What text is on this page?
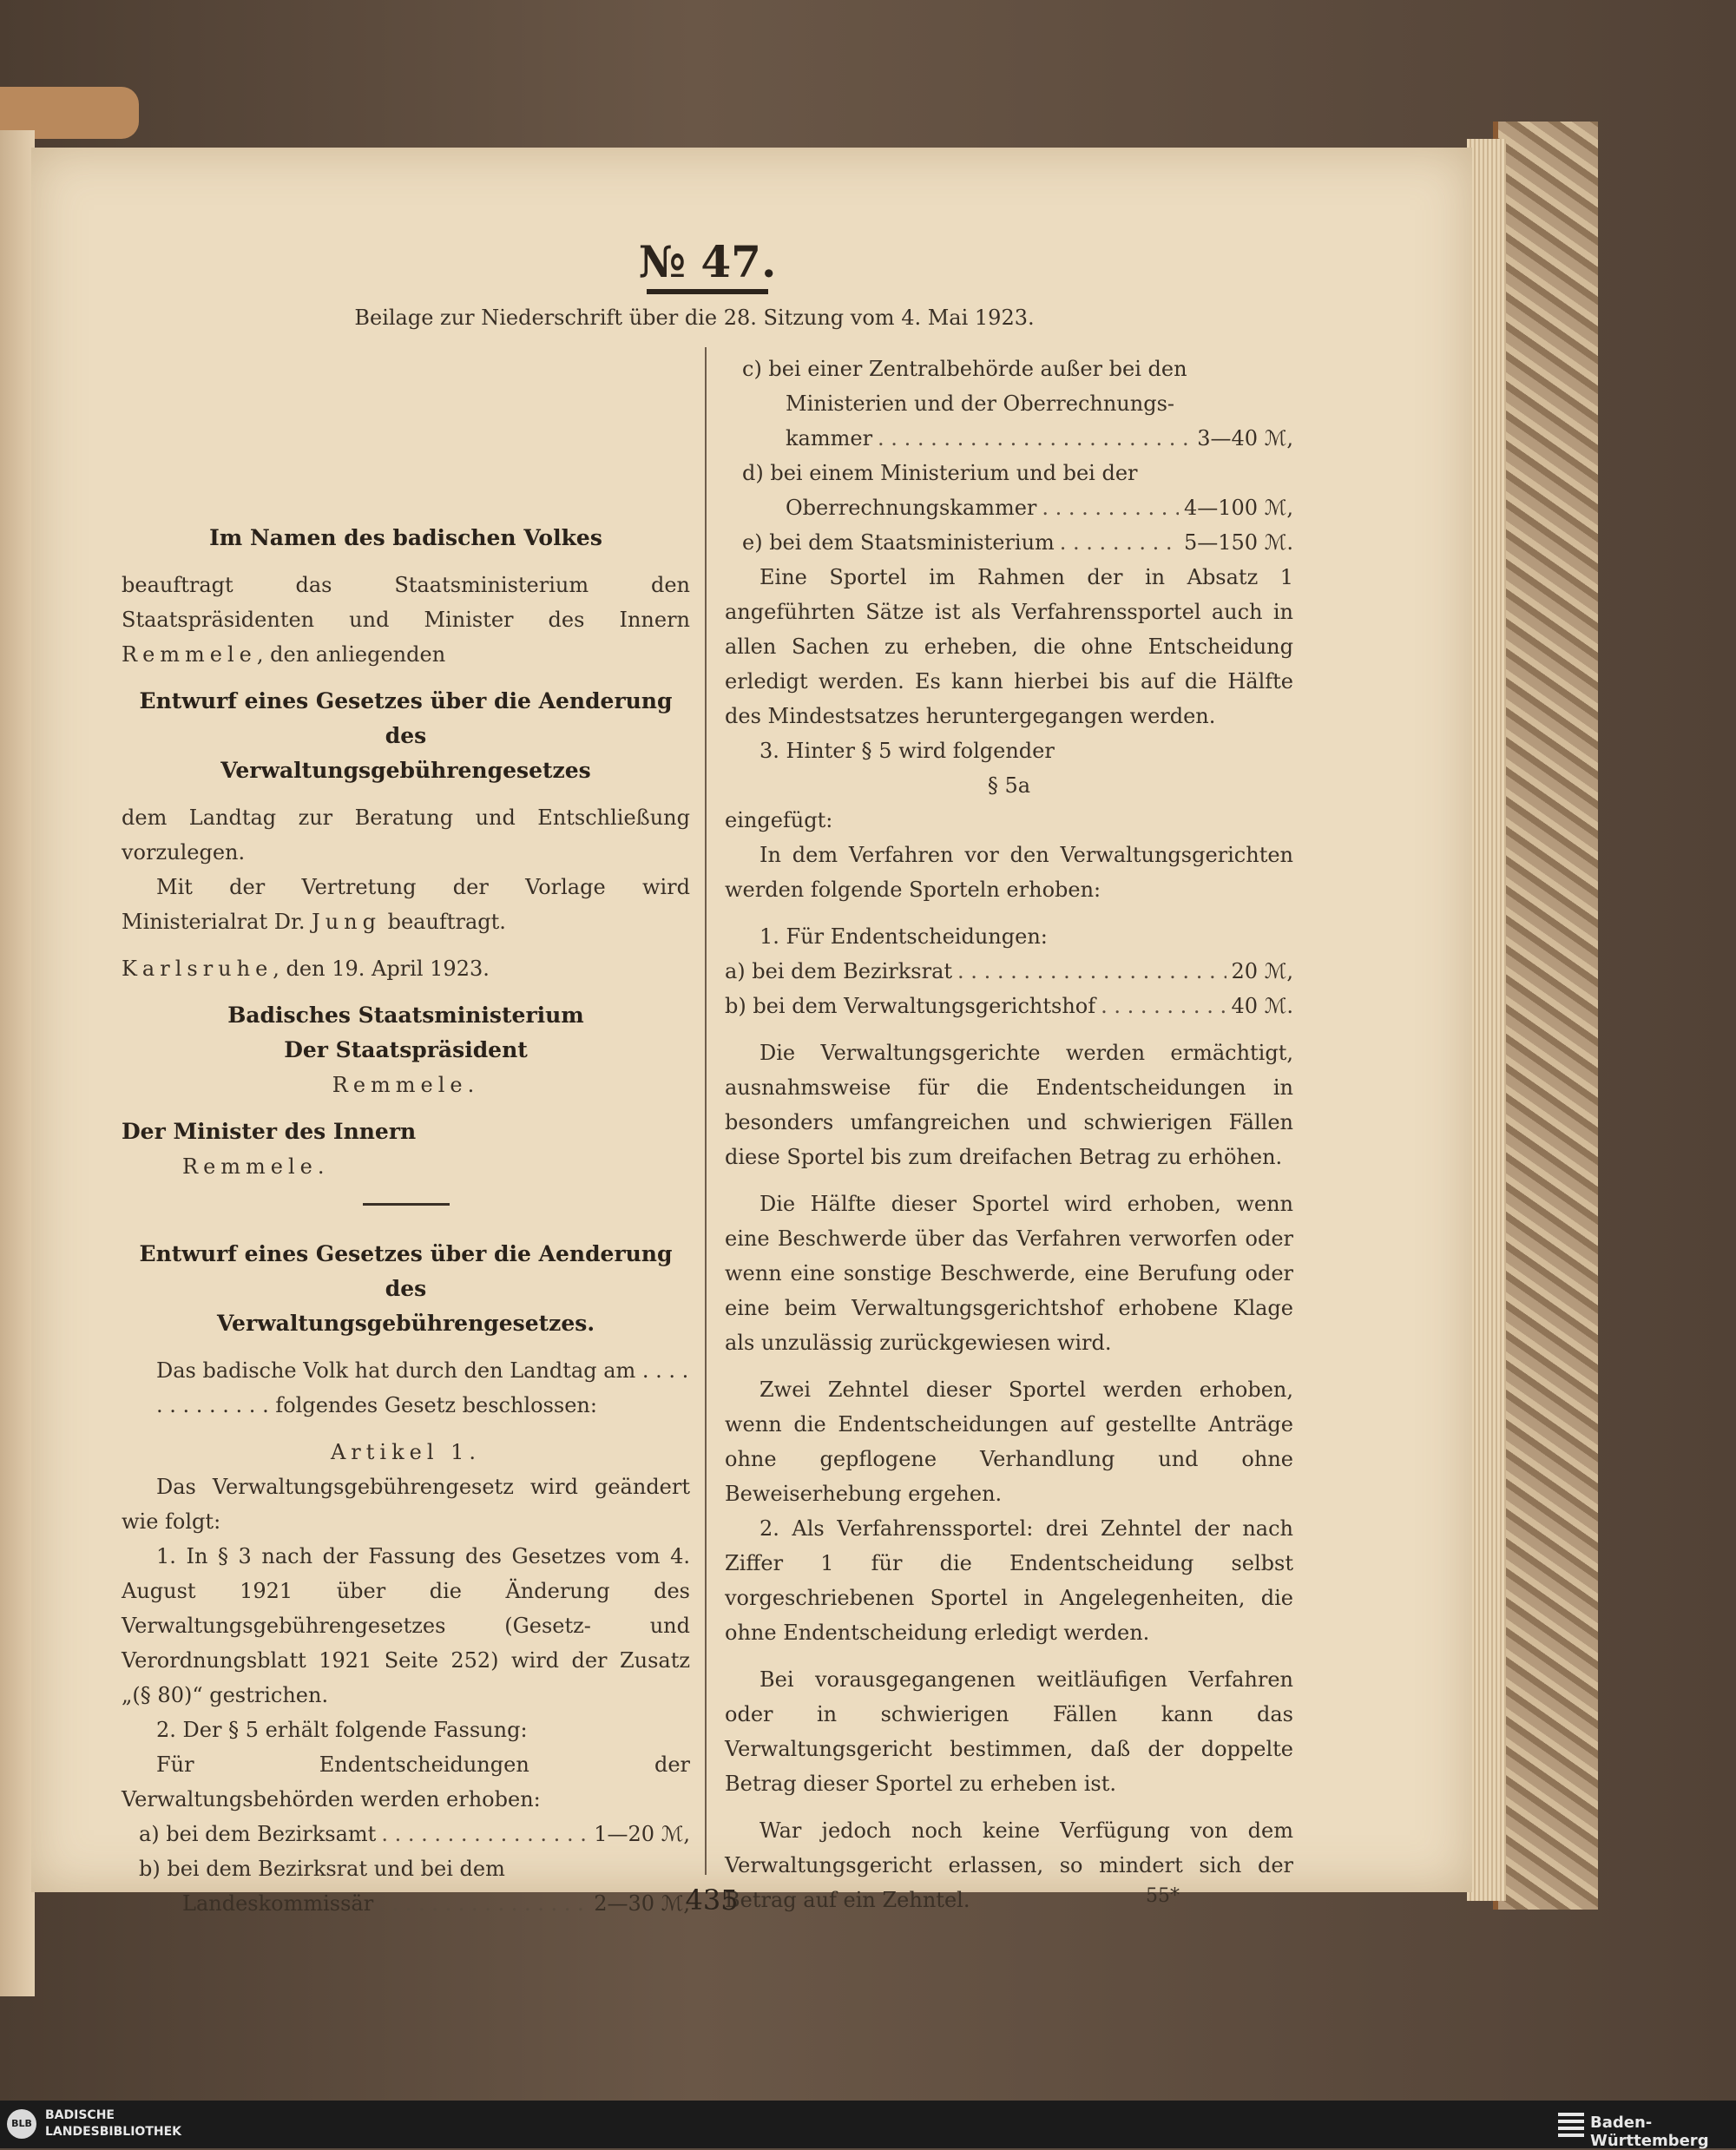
№ 47.
Beilage zur Niederschrift über die 28. Sitzung vom 4. Mai 1923.

Im Namen des badischen Volkes

beauftragt das Staatsministerium den Staatspräsidenten und Minister des Innern Remmele, den anliegenden

Entwurf eines Gesetzes über die Aenderung des

Verwaltungsgebührengesetzes

dem Landtag zur Beratung und Entschließung vorzulegen.

Mit der Vertretung der Vorlage wird Ministerialrat Dr. Jung beauftragt.

Karlsruhe, den 19. April 1923.

Badisches Staatsministerium

Der Staatspräsident

Remmele.

Der Minister des Innern

Remmele.

Entwurf eines Gesetzes über die Aenderung des

Verwaltungsgebührengesetzes.

Das badische Volk hat durch den Landtag am . . . .

. . . . . . . . . folgendes Gesetz beschlossen:

Artikel 1.

Das Verwaltungsgebührengesetz wird geändert wie folgt:

1. In § 3 nach der Fassung des Gesetzes vom 4. August 1921 über die Änderung des Verwaltungsgebührengesetzes (Gesetz- und Verordnungsblatt 1921 Seite 252) wird der Zusatz „(§ 80)“ gestrichen.

2. Der § 5 erhält folgende Fassung:

Für Endentscheidungen der Verwaltungsbehörden werden erhoben:

a) bei dem Bezirksamt . . .	1—20 ℳ,

b) bei dem Bezirksrat und bei dem

Landeskommissär . . .	2—30 ℳ,

c) bei einer Zentralbehörde außer bei den

Ministerien und der Oberrechnungs-

kammer . . .	3—40 ℳ,

d) bei einem Ministerium und bei der

Oberrechnungskammer . . .	4—100 ℳ,
e) bei dem Staatsministerium . . .	5—150 ℳ.

Eine Sportel im Rahmen der in Absatz 1 angeführten Sätze ist als Verfahrenssportel auch in allen Sachen zu erheben, die ohne Entscheidung erledigt werden. Es kann hierbei bis auf die Hälfte des Mindestsatzes heruntergegangen werden.

3. Hinter § 5 wird folgender

§ 5a

eingefügt:

In dem Verfahren vor den Verwaltungsgerichten werden folgende Sporteln erhoben:

1. Für Endentscheidungen:

a) bei dem Bezirksrat . . .	20 ℳ,
b) bei dem Verwaltungsgerichtshof . . .	40 ℳ.

Die Verwaltungsgerichte werden ermächtigt, ausnahmsweise für die Endentscheidungen in besonders umfangreichen und schwierigen Fällen diese Sportel bis zum dreifachen Betrag zu erhöhen.

Die Hälfte dieser Sportel wird erhoben, wenn eine Beschwerde über das Verfahren verworfen oder wenn eine sonstige Beschwerde, eine Berufung oder eine beim Verwaltungsgerichtshof erhobene Klage als unzulässig zurückgewiesen wird.

Zwei Zehntel dieser Sportel werden erhoben, wenn die Endentscheidungen auf gestellte Anträge ohne gepflogene Verhandlung und ohne Beweiserhebung ergehen.

2. Als Verfahrenssportel: drei Zehntel der nach Ziffer 1 für die Endentscheidung selbst vorgeschriebenen Sportel in Angelegenheiten, die ohne Endentscheidung erledigt werden.

Bei vorausgegangenen weitläufigen Verfahren oder in schwierigen Fällen kann das Verwaltungsgericht bestimmen, daß der doppelte Betrag dieser Sportel zu erheben ist.

War jedoch noch keine Verfügung von dem Verwaltungsgericht erlassen, so mindert sich der Betrag auf ein Zehntel.

435	55*
BLB
BADISCHE
LANDESBIBLIOTHEK	Baden-Württemberg
